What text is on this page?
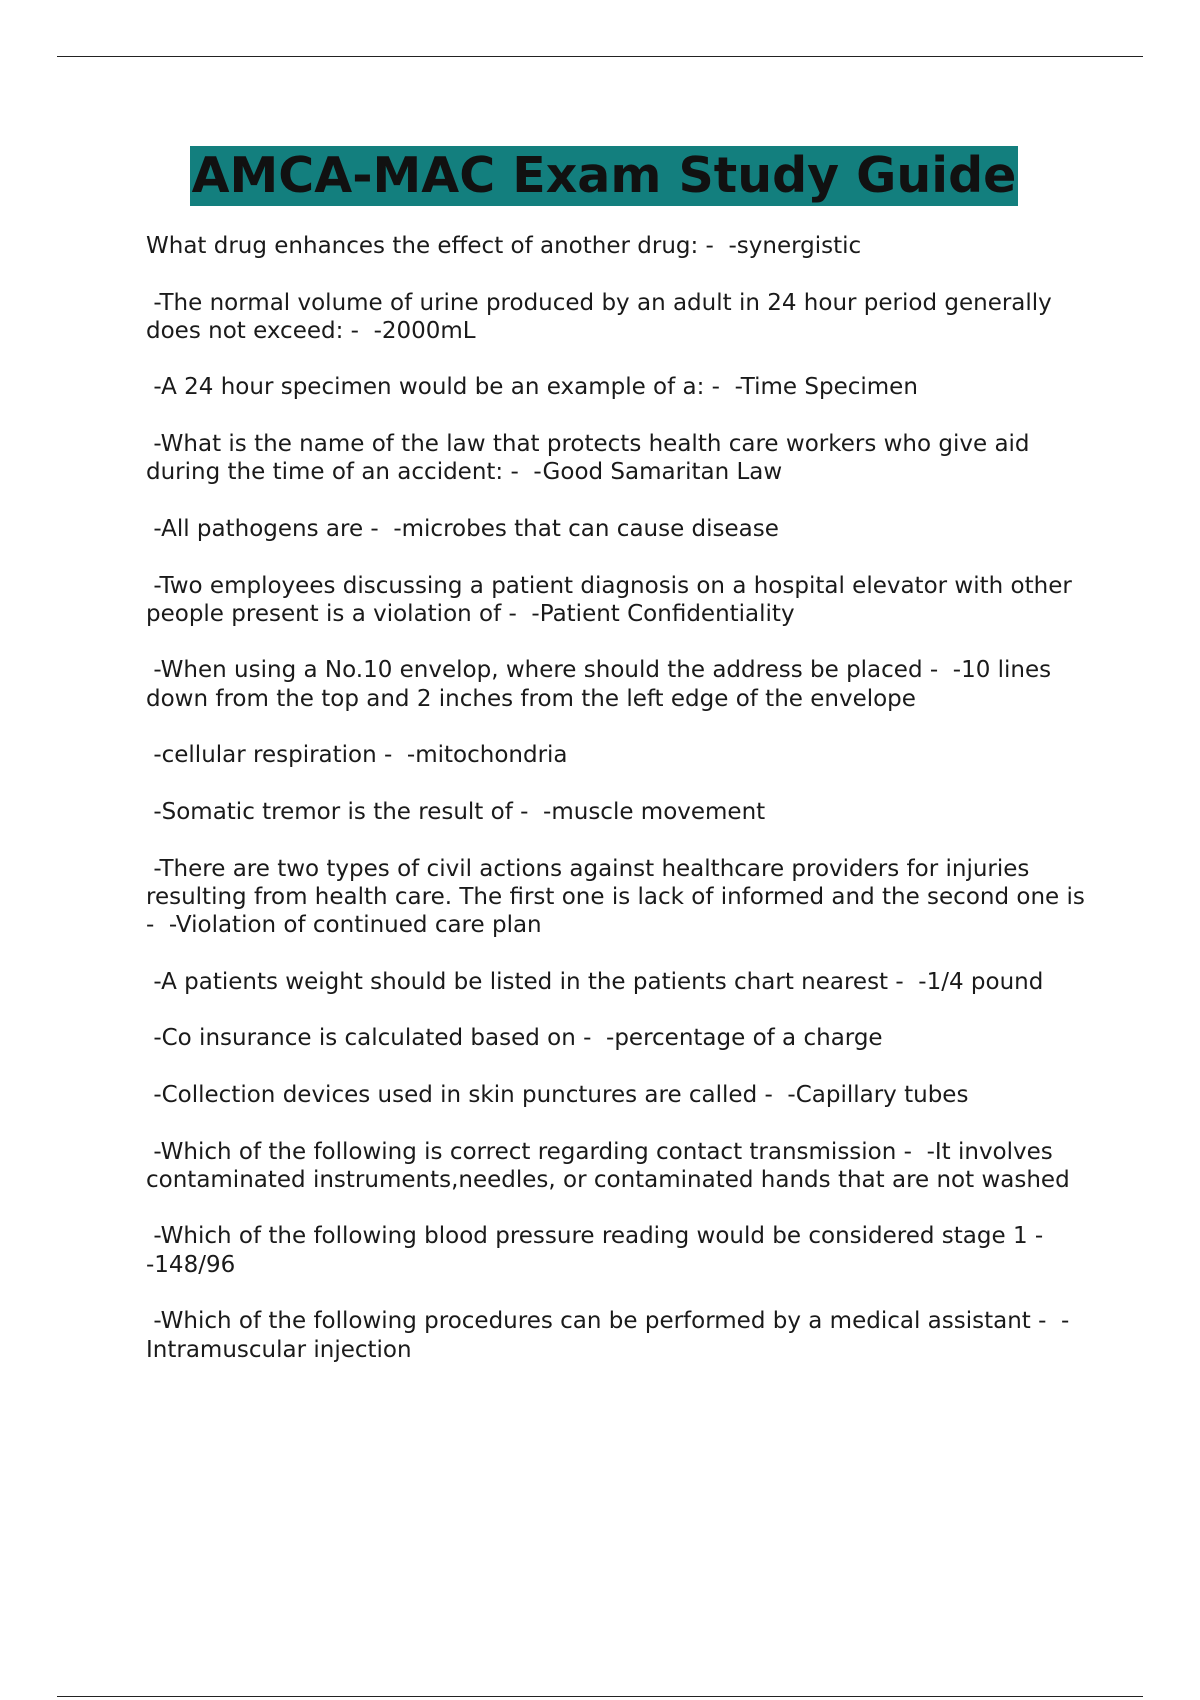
AMCA-MAC Exam Study Guide
What drug enhances the effect of another drug: -  -synergistic
-The normal volume of urine produced by an adult in 24 hour period generally does not exceed: -  -2000mL
-A 24 hour specimen would be an example of a: -  -Time Specimen
-What is the name of the law that protects health care workers who give aid during the time of an accident: -  -Good Samaritan Law
-All pathogens are -  -microbes that can cause disease
-Two employees discussing a patient diagnosis on a hospital elevator with other people present is a violation of -  -Patient Confidentiality
-When using a No.10 envelop, where should the address be placed -  -10 lines down from the top and 2 inches from the left edge of the envelope
-cellular respiration -  -mitochondria
-Somatic tremor is the result of -  -muscle movement
-There are two types of civil actions against healthcare providers for injuries resulting from health care. The first one is lack of informed and the second one is -  -Violation of continued care plan
-A patients weight should be listed in the patients chart nearest -  -1/4 pound
-Co insurance is calculated based on -  -percentage of a charge
-Collection devices used in skin punctures are called -  -Capillary tubes
-Which of the following is correct regarding contact transmission -  -It involves contaminated instruments,needles, or contaminated hands that are not washed
-Which of the following blood pressure reading would be considered stage 1 -  -148/96
-Which of the following procedures can be performed by a medical assistant -  -Intramuscular injection
